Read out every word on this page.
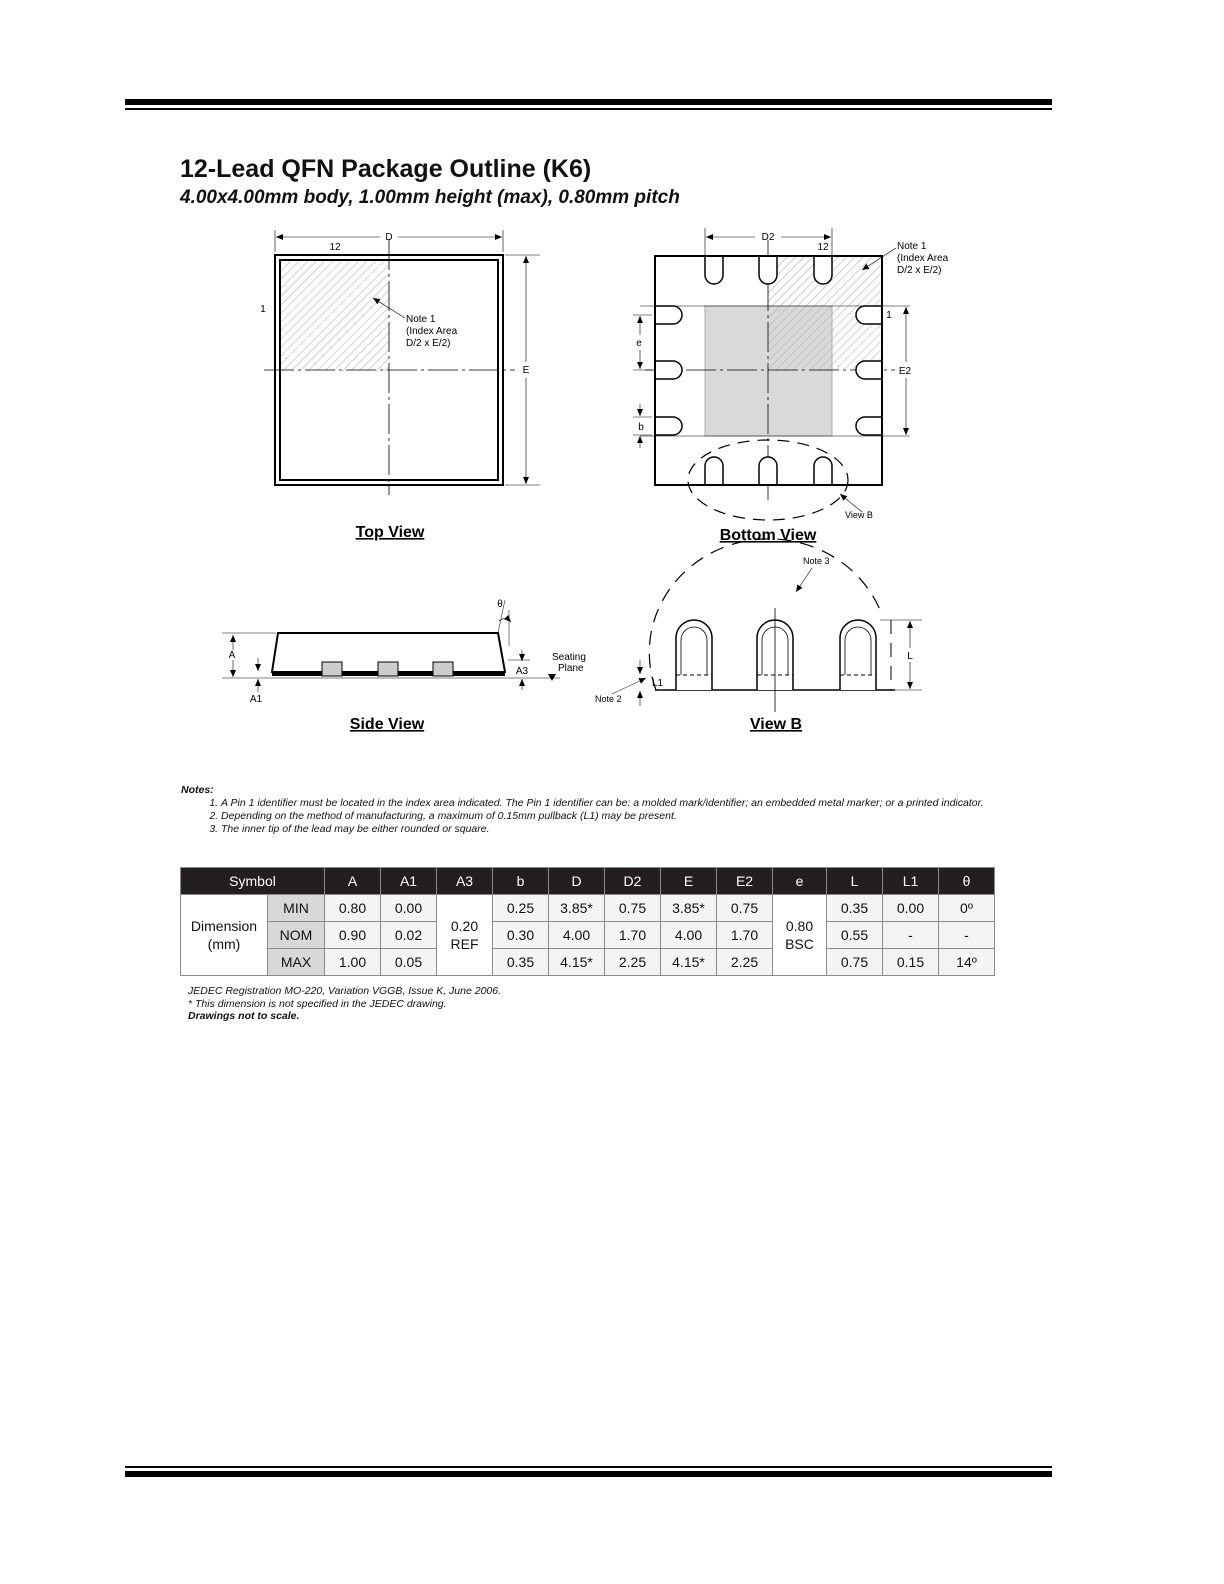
12-Lead QFN Package Outline (K6)
4.00x4.00mm body, 1.00mm height (max), 0.80mm pitch
D
E
12
1
Note 1
(Index Area
D/2 x E/2)
D2
12
1
E2
e
b
Note 1
(Index Area
D/2 x E/2)
View B
A
A1
A3
θ
Seating
Plane
L
L1
Note 2
Note 3
Top View	Bottom View
Side View	View B
Notes:
1. A Pin 1 identifier must be located in the index area indicated. The Pin 1 identifier can be: a molded mark/identifier; an embedded metal marker; or a printed indicator.
2. Depending on the method of manufacturing, a maximum of 0.15mm pullback (L1) may be present.
3. The inner tip of the lead may be either rounded or square.
Symbol		A	A1	A3	b	D	D2	E	E2	e	L	L1	θ
Dimension (mm)	MIN	0.80	0.00	0.20 REF	0.25	3.85*	0.75	3.85*	0.75	0.80 BSC	0.35	0.00	0º
	NOM	0.90	0.02		0.30	4.00	1.70	4.00	1.70		0.55	-	-
	MAX	1.00	0.05		0.35	4.15*	2.25	4.15*	2.25		0.75	0.15	14º
JEDEC Registration MO-220, Variation VGGB, Issue K, June 2006.
* This dimension is not specified in the JEDEC drawing.
Drawings not to scale.
